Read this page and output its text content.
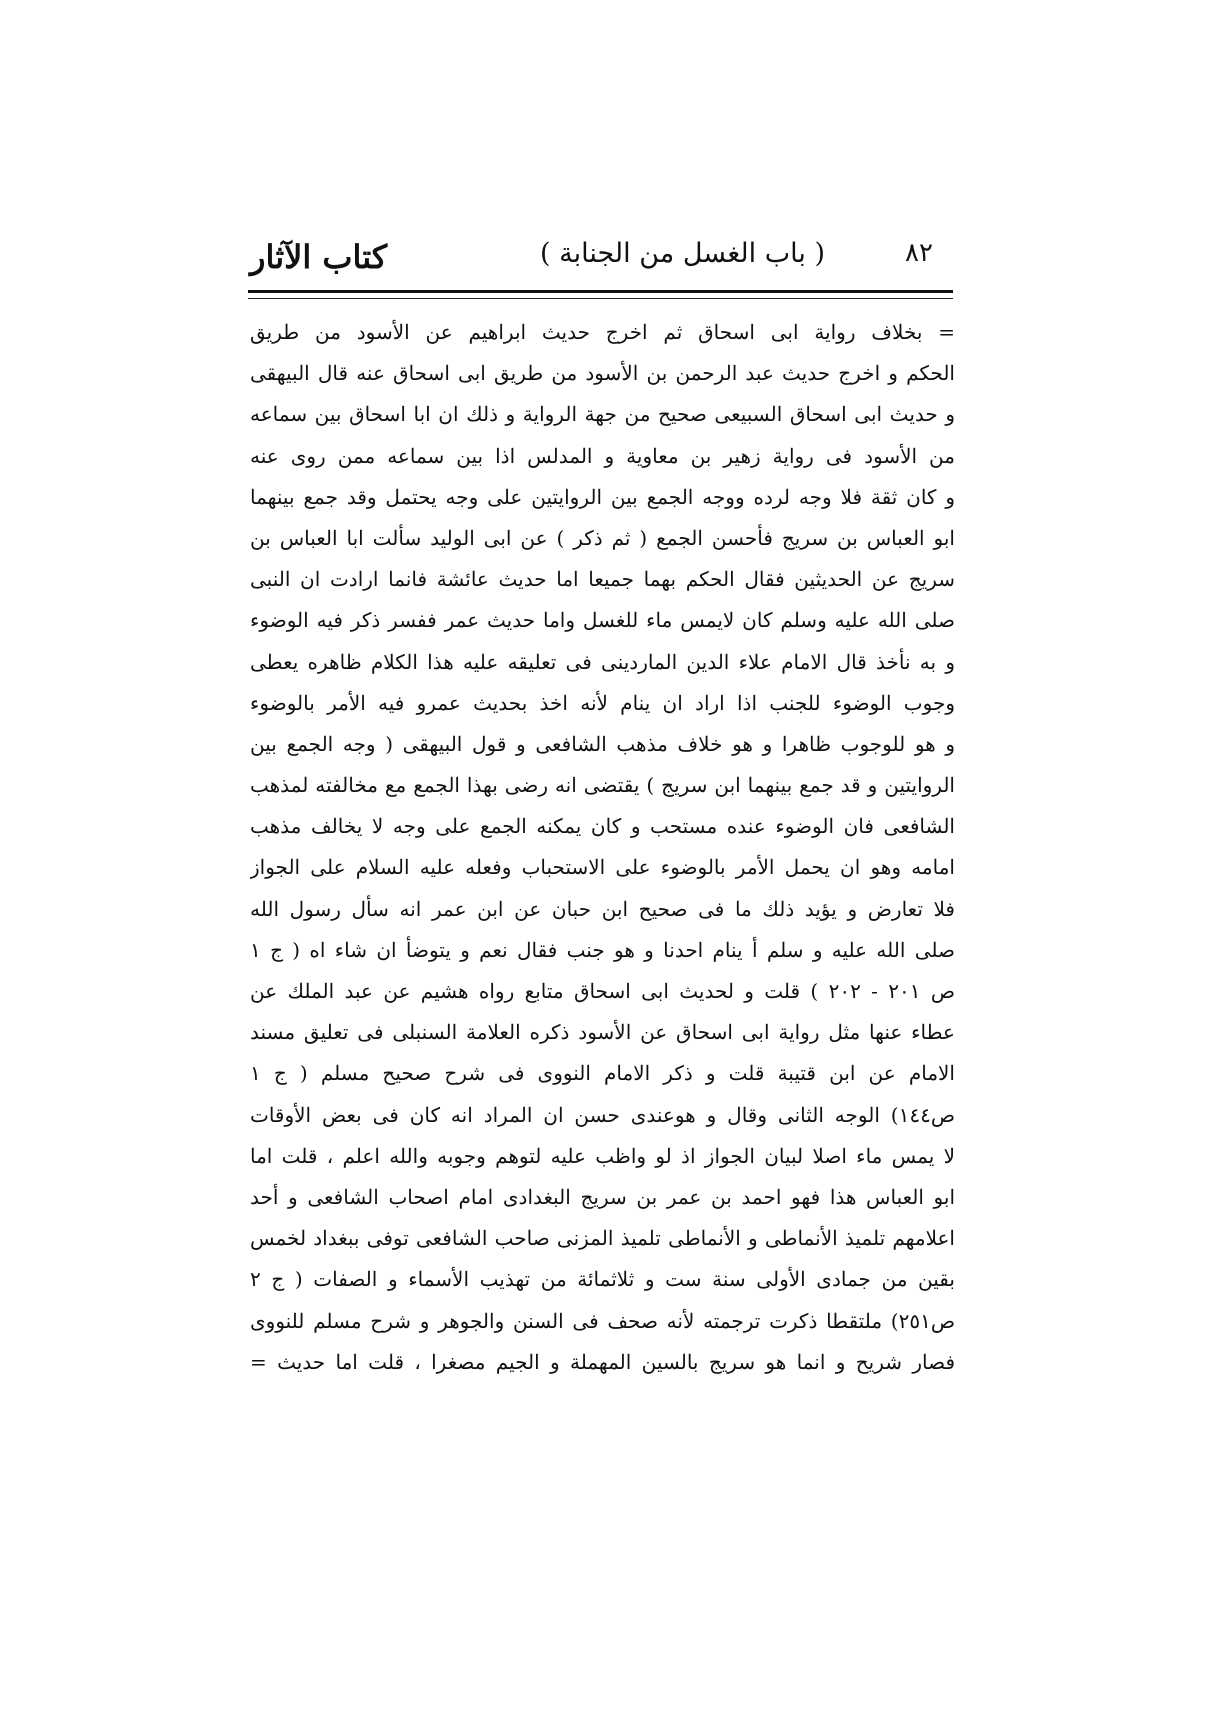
كتاب الآثار	( باب الغسل من الجنابة )	٨٢
= بخلاف رواية ابی اسحاق ثم اخرج حدیث ابراهیم عن الأسود من طریق
الحکم و اخرج حدیث عبد الرحمن بن الأسود من طریق ابی اسحاق عنه قال البیهقی
و حدیث ابی اسحاق السبیعی صحیح من جهة الروایة و ذلك ان ابا اسحاق بین سماعه
من الأسود فی روایة زهیر بن معاویة و المدلس اذا بین سماعه ممن روی عنه
و کان ثقة فلا وجه لرده ووجه الجمع بین الروایتین علی وجه یحتمل وقد جمع بینهما
ابو العباس بن سریج فأحسن الجمع ( ثم ذکر ) عن ابی الولید سألت ابا العباس بن
سریج عن الحدیثین فقال الحکم بهما جمیعا اما حدیث عائشة فانما ارادت ان النبی
صلی الله علیه وسلم کان لایمس ماء للغسل واما حدیث عمر ففسر ذکر فیه الوضوء
و به نأخذ قال الامام علاء الدین الماردینی فی تعلیقه علیه هذا الکلام ظاهره یعطی
وجوب الوضوء للجنب اذا اراد ان ینام لأنه اخذ بحدیث عمرو فیه الأمر بالوضوء
و هو للوجوب ظاهرا و هو خلاف مذهب الشافعی و قول البیهقی ( وجه الجمع بین
الروایتین و قد جمع بینهما ابن سریج ) یقتضی انه رضی بهذا الجمع مع مخالفته لمذهب
الشافعی فان الوضوء عنده مستحب و کان یمکنه الجمع علی وجه لا یخالف مذهب
امامه وهو ان یحمل الأمر بالوضوء علی الاستحباب وفعله علیه السلام علی الجواز
فلا تعارض و یؤید ذلك ما فی صحیح ابن حبان عن ابن عمر انه سأل رسول الله
صلی الله علیه و سلم أ ینام احدنا و هو جنب فقال نعم و یتوضأ ان شاء اه ( ج ١
ص ٢٠١ - ٢٠٢ ) قلت و لحدیث ابی اسحاق متابع رواه هشیم عن عبد الملك عن
عطاء عنها مثل روایة ابی اسحاق عن الأسود ذکره العلامة السنبلی فی تعلیق مسند
الامام عن ابن قتیبة قلت و ذکر الامام النووی فی شرح صحیح مسلم ( ج ١
ص١٤٤) الوجه الثانی وقال و هوعندی حسن ان المراد انه کان فی بعض الأوقات
لا یمس ماء اصلا لبیان الجواز اذ لو واظب علیه لتوهم وجوبه والله اعلم ، قلت اما
ابو العباس هذا فهو احمد بن عمر بن سریج البغدادی امام اصحاب الشافعی و أحد
اعلامهم تلمیذ الأنماطی و الأنماطی تلمیذ المزنی صاحب الشافعی توفی ببغداد لخمس
بقین من جمادی الأولی سنة ست و ثلاثمائة من تهذیب الأسماء و الصفات ( ج ٢
ص٢٥١) ملتقطا ذکرت ترجمته لأنه صحف فی السنن والجوهر و شرح مسلم للنووی
فصار شریح و انما هو سریج بالسین المهملة و الجیم مصغرا ، قلت اما حدیث =
